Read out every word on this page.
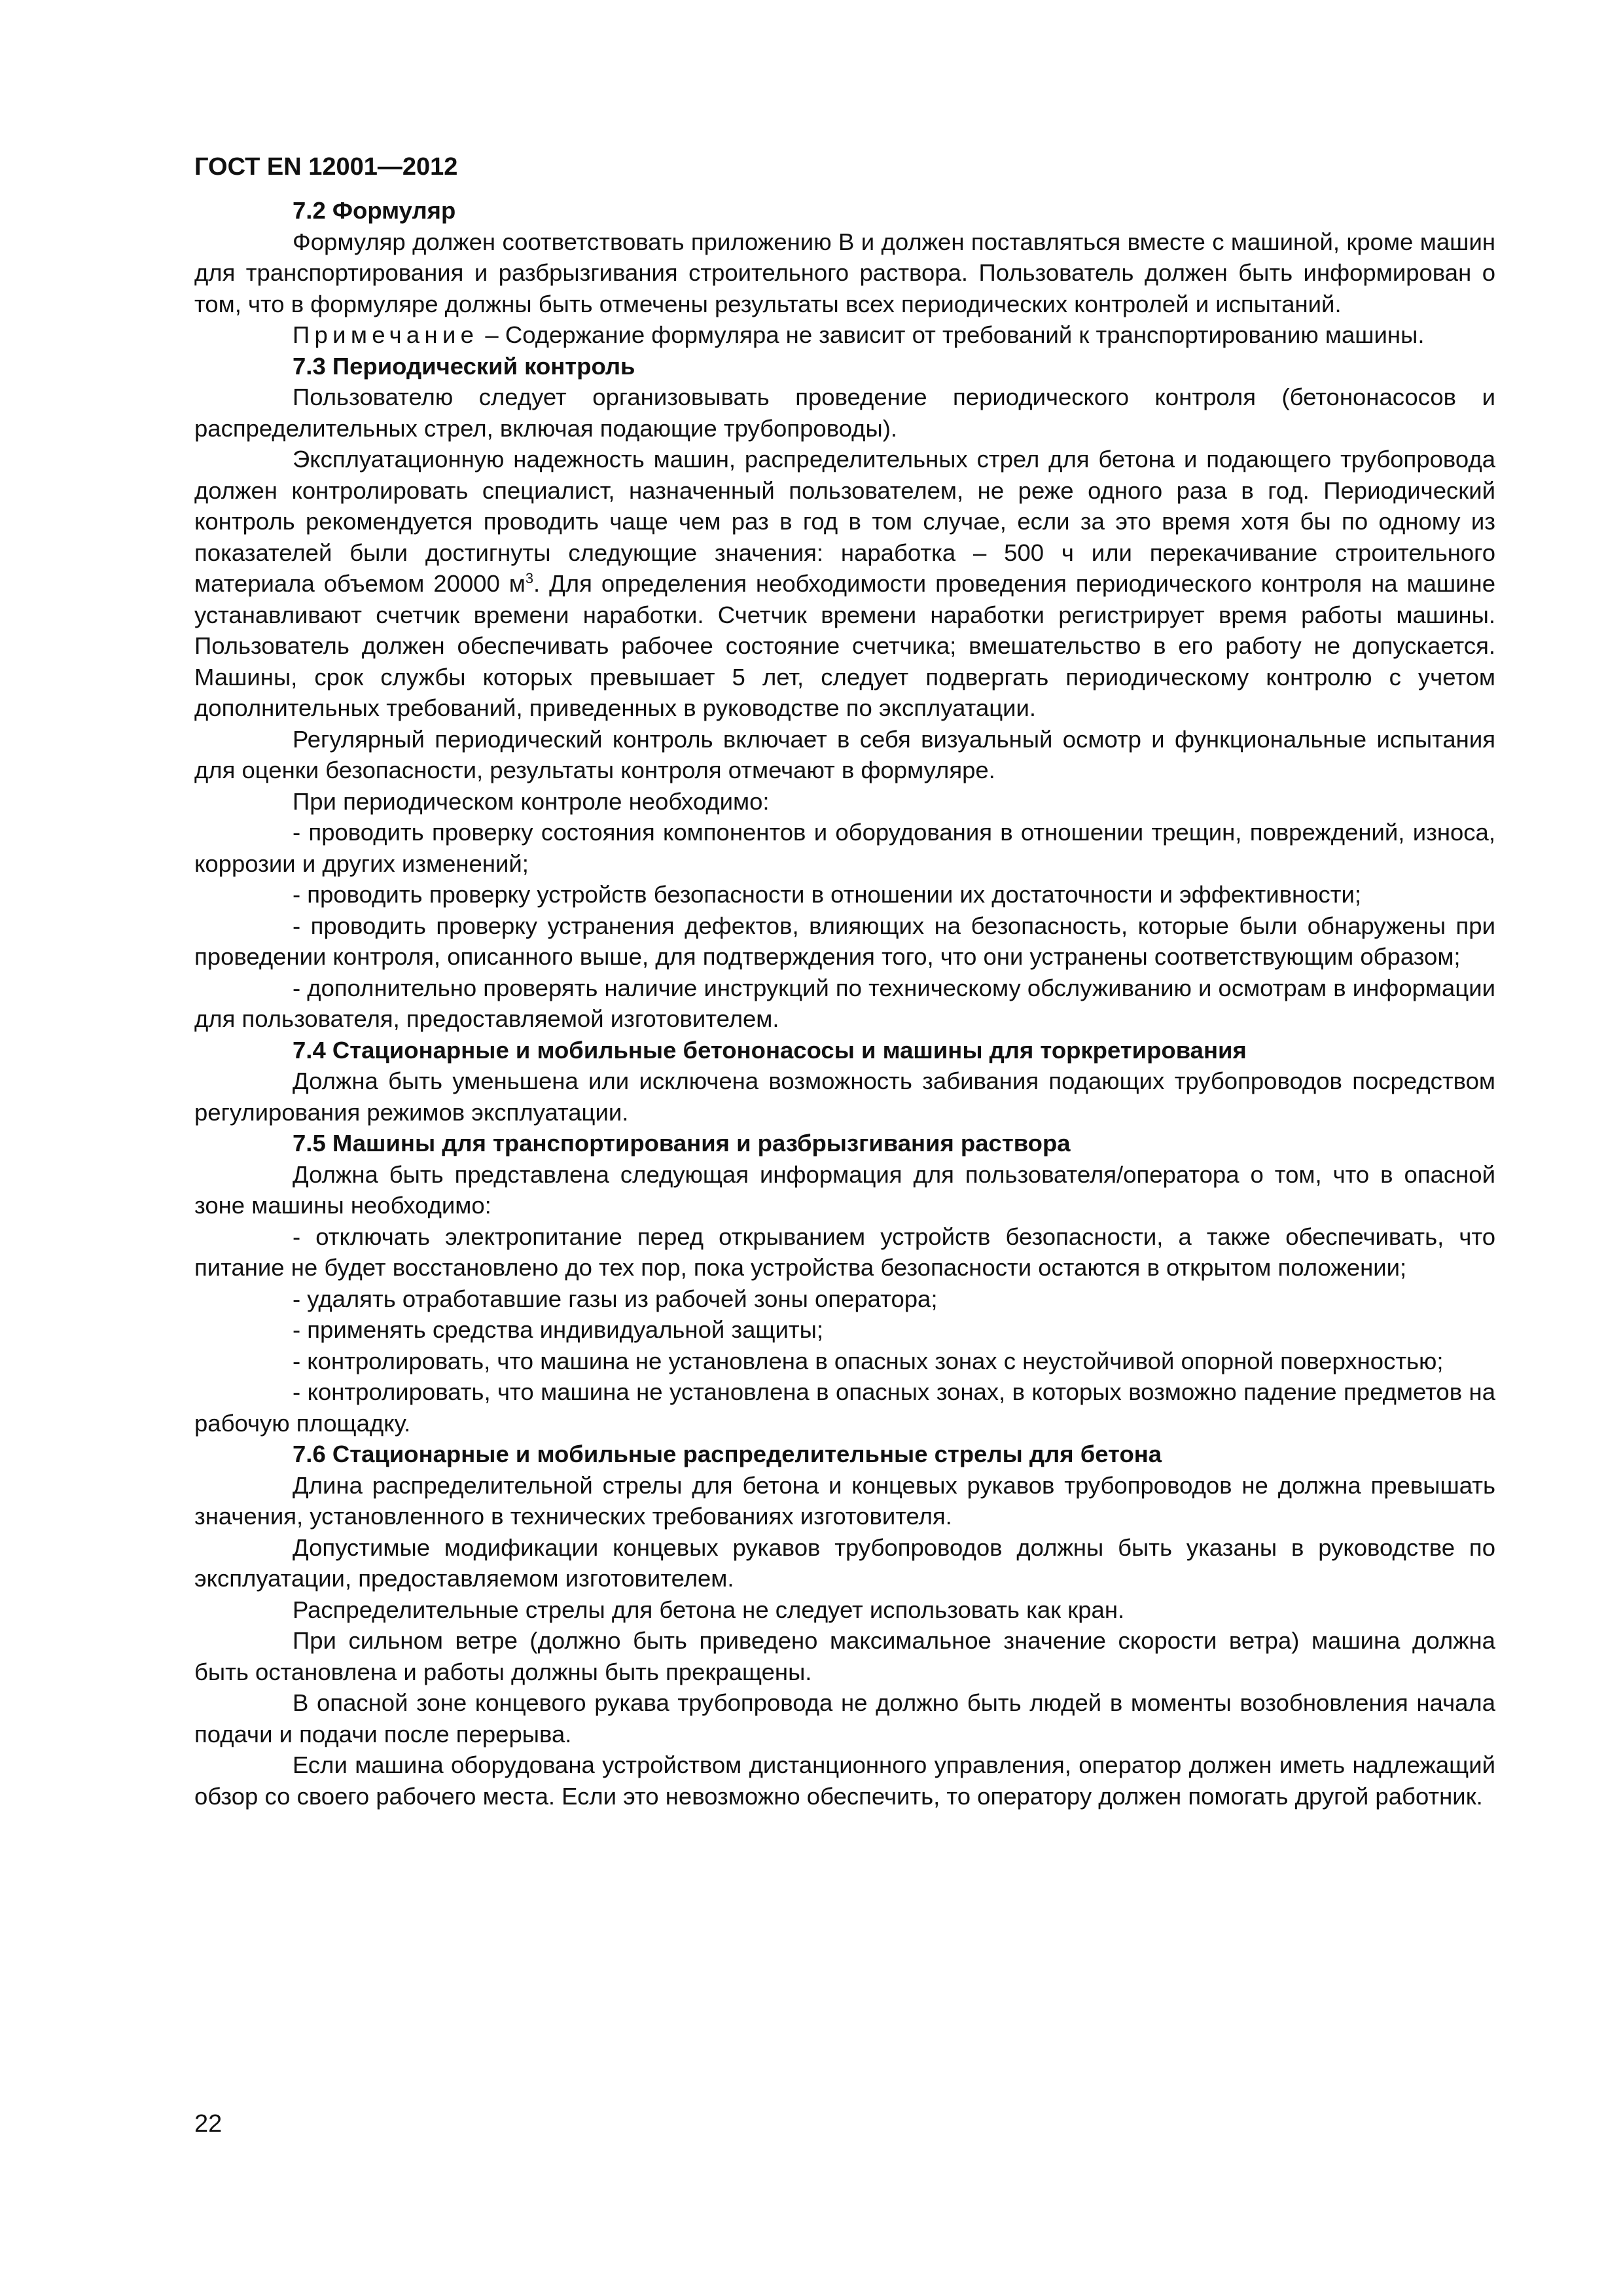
ГОСТ EN 12001—2012
7.2 Формуляр
Формуляр должен соответствовать приложению В и должен поставляться вместе с машиной, кроме машин для транспортирования и разбрызгивания строительного раствора. Пользователь должен быть информирован о том, что в формуляре должны быть отмечены результаты всех периодических контролей и испытаний.
Примечание – Содержание формуляра не зависит от требований к транспортированию машины.
7.3 Периодический контроль
Пользователю следует организовывать проведение периодического контроля (бетононасосов и распределительных стрел, включая подающие трубопроводы).
Эксплуатационную надежность машин, распределительных стрел для бетона и подающего трубопровода должен контролировать специалист, назначенный пользователем, не реже одного раза в год. Периодический контроль рекомендуется проводить чаще чем раз в год в том случае, если за это время хотя бы по одному из показателей были достигнуты следующие значения: наработка – 500 ч или перекачивание строительного материала объемом 20000 $м^3$. Для определения необходимости проведения периодического контроля на машине устанавливают счетчик времени наработки. Счетчик времени наработки регистрирует время работы машины. Пользователь должен обеспечивать рабочее состояние счетчика; вмешательство в его работу не допускается. Машины, срок службы которых превышает 5 лет, следует подвергать периодическому контролю с учетом дополнительных требований, приведенных в руководстве по эксплуатации.
Регулярный периодический контроль включает в себя визуальный осмотр и функциональные испытания для оценки безопасности, результаты контроля отмечают в формуляре.
При периодическом контроле необходимо:
- проводить проверку состояния компонентов и оборудования в отношении трещин, повреждений, износа, коррозии и других изменений;
- проводить проверку устройств безопасности в отношении их достаточности и эффективности;
- проводить проверку устранения дефектов, влияющих на безопасность, которые были обнаружены при проведении контроля, описанного выше, для подтверждения того, что они устранены соответствующим образом;
- дополнительно проверять наличие инструкций по техническому обслуживанию и осмотрам в информации для пользователя, предоставляемой изготовителем.
7.4 Стационарные и мобильные бетононасосы и машины для торкретирования
Должна быть уменьшена или исключена возможность забивания подающих трубопроводов посредством регулирования режимов эксплуатации.
7.5 Машины для транспортирования и разбрызгивания раствора
Должна быть представлена следующая информация для пользователя/оператора о том, что в опасной зоне машины необходимо:
- отключать электропитание перед открыванием устройств безопасности, а также обеспечивать, что питание не будет восстановлено до тех пор, пока устройства безопасности остаются в открытом положении;
- удалять отработавшие газы из рабочей зоны оператора;
- применять средства индивидуальной защиты;
- контролировать, что машина не установлена в опасных зонах с неустойчивой опорной поверхностью;
- контролировать, что машина не установлена в опасных зонах, в которых возможно падение предметов на рабочую площадку.
7.6 Стационарные и мобильные распределительные стрелы для бетона
Длина распределительной стрелы для бетона и концевых рукавов трубопроводов не должна превышать значения, установленного в технических требованиях изготовителя.
Допустимые модификации концевых рукавов трубопроводов должны быть указаны в руководстве по эксплуатации, предоставляемом изготовителем.
Распределительные стрелы для бетона не следует использовать как кран.
При сильном ветре (должно быть приведено максимальное значение скорости ветра) машина должна быть остановлена и работы должны быть прекращены.
В опасной зоне концевого рукава трубопровода не должно быть людей в моменты возобновления начала подачи и подачи после перерыва.
Если машина оборудована устройством дистанционного управления, оператор должен иметь надлежащий обзор со своего рабочего места. Если это невозможно обеспечить, то оператору должен помогать другой работник.
22
